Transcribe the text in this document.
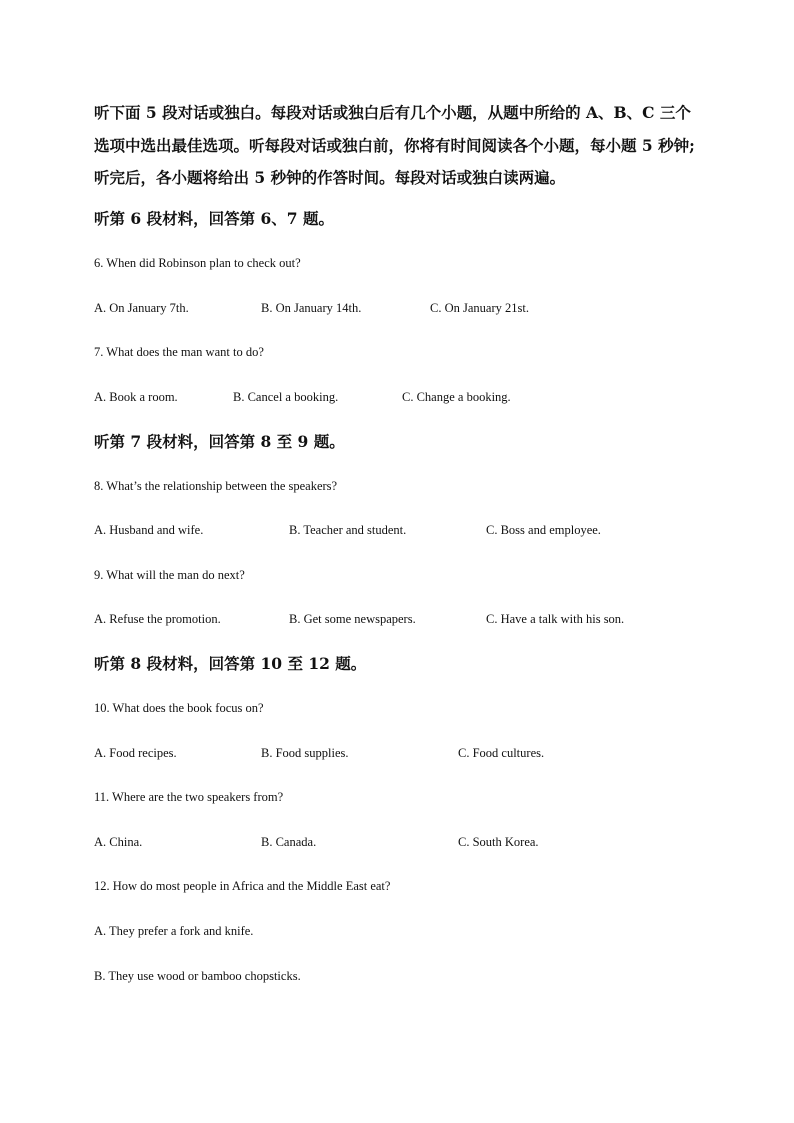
听下面 5 段对话或独白。每段对话或独白后有几个小题，从题中所给的 A、B、C 三个

选项中选出最佳选项。听每段对话或独白前，你将有时间阅读各个小题，每小题 5 秒钟;

听完后，各小题将给出 5 秒钟的作答时间。每段对话或独白读两遍。

听第 6 段材料，回答第 6、7 题。
6. When did Robinson plan to check out?
A. On January 7th.	B. On January 14th.	C. On January 21st.
7. What does the man want to do?
A. Book a room.	B. Cancel a booking.	C. Change a booking.
听第 7 段材料，回答第 8 至 9 题。
8. What’s the relationship between the speakers?
A. Husband and wife.	B. Teacher and student.	C. Boss and employee.
9. What will the man do next?
A. Refuse the promotion.	B. Get some newspapers.	C. Have a talk with his son.
听第 8 段材料，回答第 10 至 12 题。
10. What does the book focus on?
A. Food recipes.	B. Food supplies.	C. Food cultures.
11. Where are the two speakers from?
A. China.	B. Canada.	C. South Korea.
12. How do most people in Africa and the Middle East eat?
A. They prefer a fork and knife.
B. They use wood or bamboo chopsticks.
